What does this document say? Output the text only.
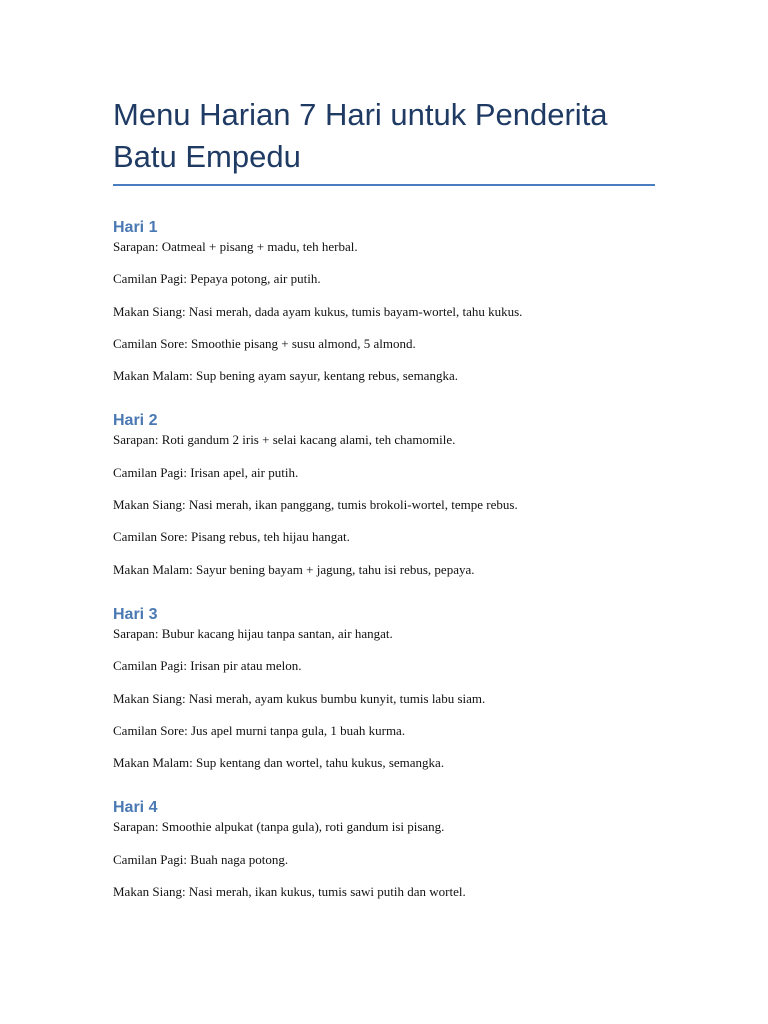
Menu Harian 7 Hari untuk Penderita Batu Empedu
Hari 1

Sarapan: Oatmeal + pisang + madu, teh herbal.

Camilan Pagi: Pepaya potong, air putih.

Makan Siang: Nasi merah, dada ayam kukus, tumis bayam-wortel, tahu kukus.

Camilan Sore: Smoothie pisang + susu almond, 5 almond.

Makan Malam: Sup bening ayam sayur, kentang rebus, semangka.

Hari 2

Sarapan: Roti gandum 2 iris + selai kacang alami, teh chamomile.

Camilan Pagi: Irisan apel, air putih.

Makan Siang: Nasi merah, ikan panggang, tumis brokoli-wortel, tempe rebus.

Camilan Sore: Pisang rebus, teh hijau hangat.

Makan Malam: Sayur bening bayam + jagung, tahu isi rebus, pepaya.

Hari 3

Sarapan: Bubur kacang hijau tanpa santan, air hangat.

Camilan Pagi: Irisan pir atau melon.

Makan Siang: Nasi merah, ayam kukus bumbu kunyit, tumis labu siam.

Camilan Sore: Jus apel murni tanpa gula, 1 buah kurma.

Makan Malam: Sup kentang dan wortel, tahu kukus, semangka.

Hari 4

Sarapan: Smoothie alpukat (tanpa gula), roti gandum isi pisang.

Camilan Pagi: Buah naga potong.

Makan Siang: Nasi merah, ikan kukus, tumis sawi putih dan wortel.
